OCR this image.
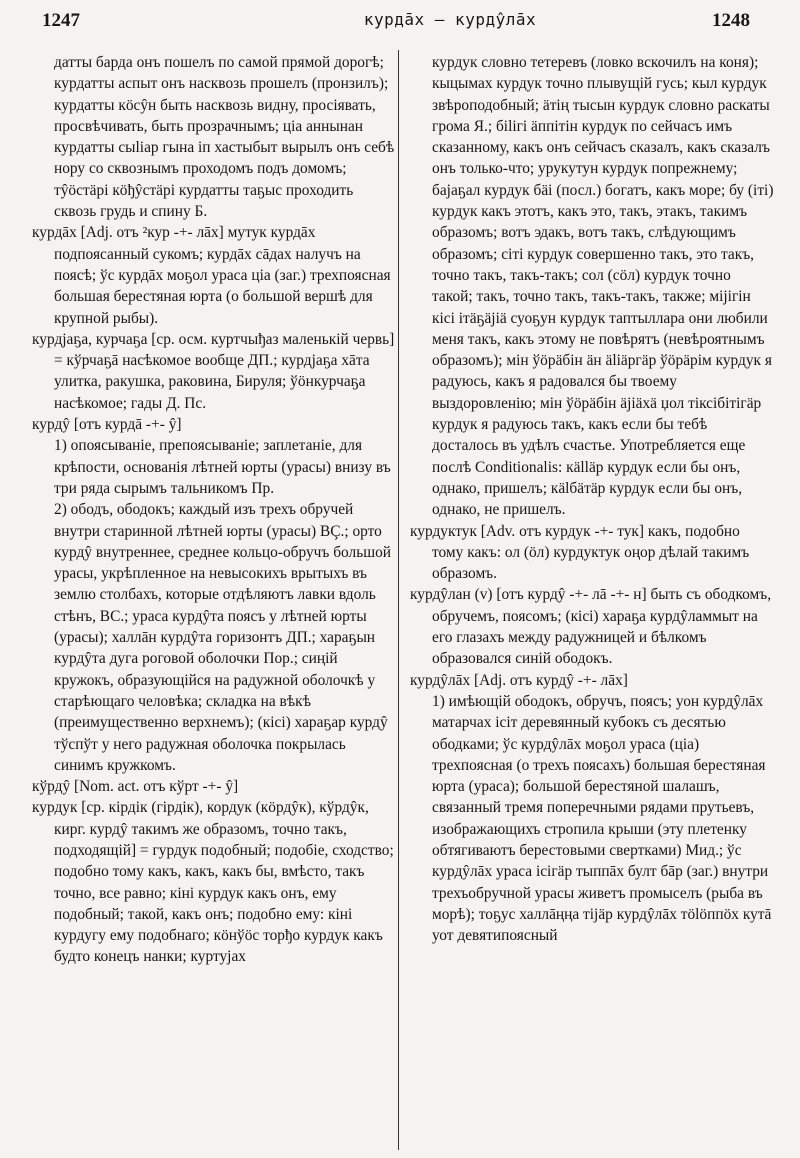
1247	курдāх — курдŷлāх	1248

датты барда онъ пошелъ по самой прямой дорогѣ; курдатты аспыт онъ насквозь прошелъ (пронзилъ); курдатты кöсŷн быть насквозь видну, просіявать, просвѣчивать, быть прозрачнымъ; ціа аннынан курдатты сыlіар гына іп хастыбыт вырылъ онъ себѣ нору со сквознымъ проходомъ подъ домомъ; тŷöстäрі кöђŷстäрі курдатты таҕыс проходить сквозь грудь и спину Б.

курдāх [Adj. отъ ²кур -+- лāх] мутук курдāх подпоясанный сукомъ; курдāх сāдах налучъ на поясѣ; ўс курдāх моҕол ураса ціа (заг.) трехпоясная большая берестяная юрта (о большой вершѣ для крупной рыбы).

курдјаҕа, курчаҕа [ср. осм. куртчыђаз маленькій червь] = кўрчаҕā насѣкомое вообще ДП.; курдјаҕа хāта улитка, ракушка, раковина, Бируля; ўöнкурчаҕа насѣкомое; гады Д. Пс.

курдŷ [отъ курдā -+- ŷ]

1) опоясываніе, препоясываніе; заплетаніе, для крѣпости, основанія лѣтней юрты (урасы) внизу въ три ряда сырымъ тальникомъ Пр.

2) ободъ, ободокъ; каждый изъ трехъ обручей внутри старинной лѣтней юрты (урасы) ВÇ.; орто курдŷ внутреннее, среднее кольцо-обручъ большой урасы, укрѣпленное на невысокихъ врытыхъ въ землю столбахъ, которые отдѣляютъ лавки вдоль стѣнъ, ВС.; ураса курдŷта поясъ у лѣтней юрты (урасы); халлāн курдŷта горизонтъ ДП.; хараҕын курдŷта дуга роговой оболочки Пор.; сиңій кружокъ, образующійся на радужной оболочкѣ у старѣющаго человѣка; складка на вѣкѣ (преимущественно верхнемъ); (кісі) хараҕар курдŷ тўспўт у него радужная оболочка покрылась синимъ кружкомъ.

кўрдŷ [Nom. act. отъ кўрт -+- ŷ]

курдук [ср. кірдік (гірдік), кордук (кöрдŷк), кўрдŷк, кирг. курдŷ такимъ же образомъ, точно такъ, подходящій] = гурдук подобный; подобіе, сходство; подобно тому какъ, какъ, какъ бы, вмѣсто, такъ точно, все равно; кіні курдук какъ онъ, ему подобный; такой, какъ онъ; подобно ему: кіні курдугу ему подобнаго; кöнўöс торђо курдук какъ будто конецъ нанки; куртујах

курдук словно тетеревъ (ловко вскочилъ на коня); кыцымах курдук точно плывущій гусь; кыл курдук звѣроподобный; äтің тысын курдук словно раскаты грома Я.; біlігі äппітін курдук по сейчасъ имъ сказанному, какъ онъ сейчасъ сказалъ, какъ сказалъ онъ только-что; урукутун курдук попрежнему; бајаҕал курдук бäі (посл.) богатъ, какъ море; бу (іті) курдук какъ этотъ, какъ это, такъ, этакъ, такимъ образомъ; вотъ эдакъ, вотъ такъ, слѣдующимъ образомъ; сіті курдук совершенно такъ, это такъ, точно такъ, такъ-такъ; сол (сöл) курдук точно такой; такъ, точно такъ, такъ-такъ, также; міјігін кісі ітäҕäјіä суоҕун курдук таптыллара они любили меня такъ, какъ этому не повѣрятъ (невѣроятнымъ образомъ); мін ўöрäбін äн älіäргäр ўöрäрім курдук я радуюсь, какъ я радовался бы твоему выздоровленію; мін ўöрäбін äјіäхä џол тіксібітігäр курдук я радуюсь такъ, какъ если бы тебѣ досталось въ удѣлъ счастье. Употребляется еще послѣ Conditionalis: кälläр курдук если бы онъ, однако, пришелъ; кälбäтäр курдук если бы онъ, однако, не пришелъ.

курдуктук [Adv. отъ курдук -+- тук] какъ, подобно тому какъ: ол (öл) курдуктук оңор дѣлай такимъ образомъ.

курдŷлан (v) [отъ курдŷ -+- лā -+- н] быть съ ободкомъ, обручемъ, поясомъ; (кісі) хараҕа курдŷламмыт на его глазахъ между радужницей и бѣлкомъ образовался синій ободокъ.

курдŷлāх [Adj. отъ курдŷ -+- лāх]

1) имѣющій ободокъ, обручъ, поясъ; уон курдŷлāх матарчах ісіт деревянный кубокъ съ десятью ободками; ўс курдŷлāх моҕол ураса (ціа) трехпоясная (о трехъ поясахъ) большая берестяная юрта (ураса); большой берестяной шалашъ, связанный тремя поперечными рядами прутьевъ, изображающихъ стропила крыши (эту плетенку обтягиваютъ берестовыми свертками) Мид.; ўс курдŷлāх ураса ісігäр тыппāх булт бāр (заг.) внутри трехъобручной урасы живетъ промыселъ (рыба въ морѣ); тоҕус халлāңңа тіјäр курдŷлāх тölöппöх кутā уот девятипоясный
